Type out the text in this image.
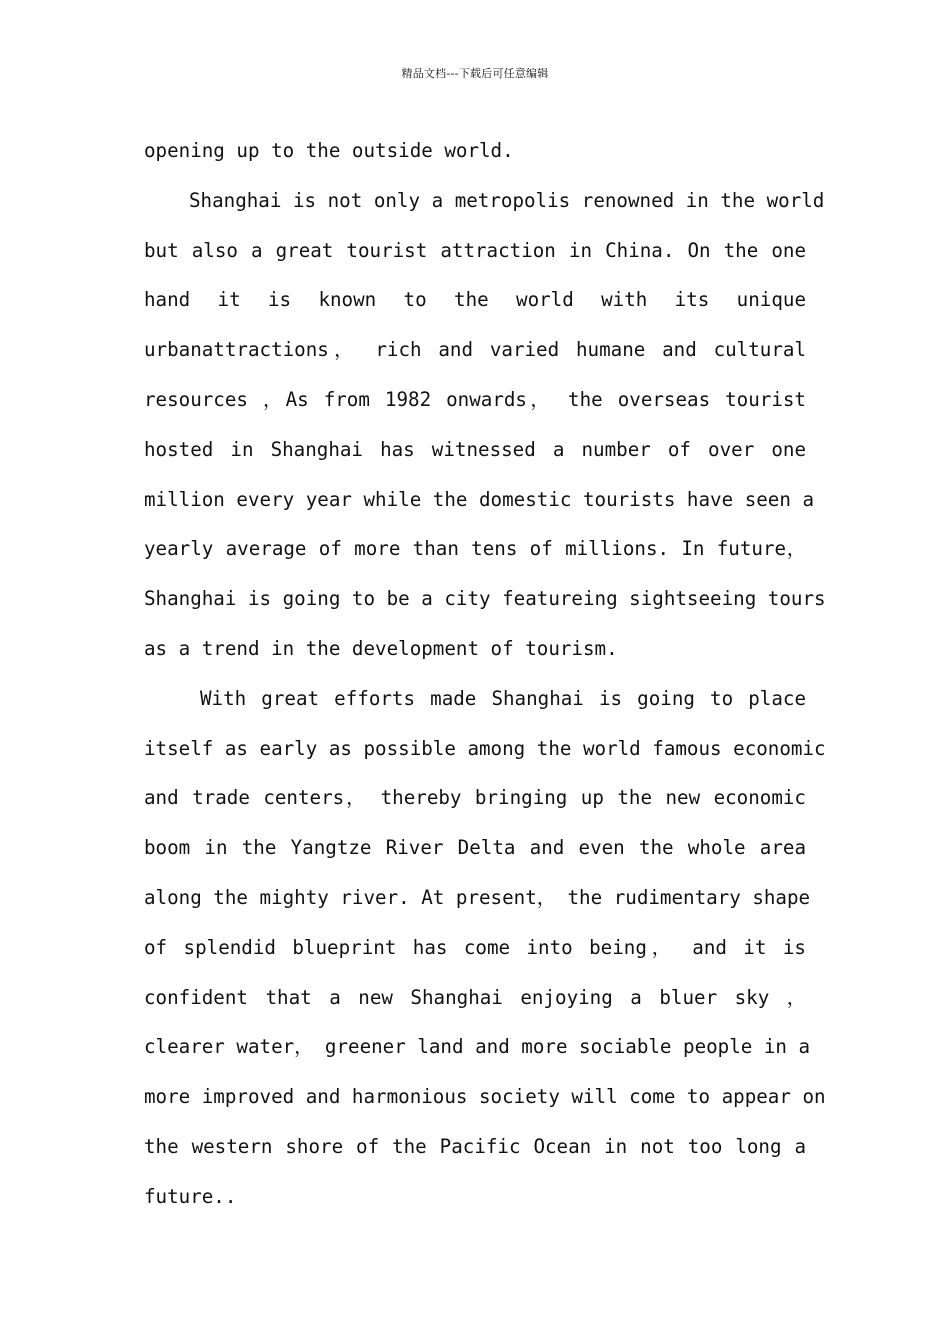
精品文档---下载后可任意编辑
opening up to the outside world.
Shanghai is not only a metropolis renowned in the world
but also a great tourist attraction in China. On the one
hand it is known to the world with its unique
urbanattractions， rich and varied humane and cultural
resources ，As from 1982 onwards， the overseas tourist
hosted in Shanghai has witnessed a number of over one
million every year while the domestic tourists have seen a
yearly average of more than tens of millions. In future，
Shanghai is going to be a city featureing sightseeing tours
as a trend in the development of tourism.
With great efforts made Shanghai is going to place
itself as early as possible among the world famous economic
and trade centers， thereby bringing up the new economic
boom in the Yangtze River Delta and even the whole area
along the mighty river. At present， the rudimentary shape
of splendid blueprint has come into being， and it is
confident that a new Shanghai enjoying a bluer sky ，
clearer water， greener land and more sociable people in a
more improved and harmonious society will come to appear on
the western shore of the Pacific Ocean in not too long a
future..
